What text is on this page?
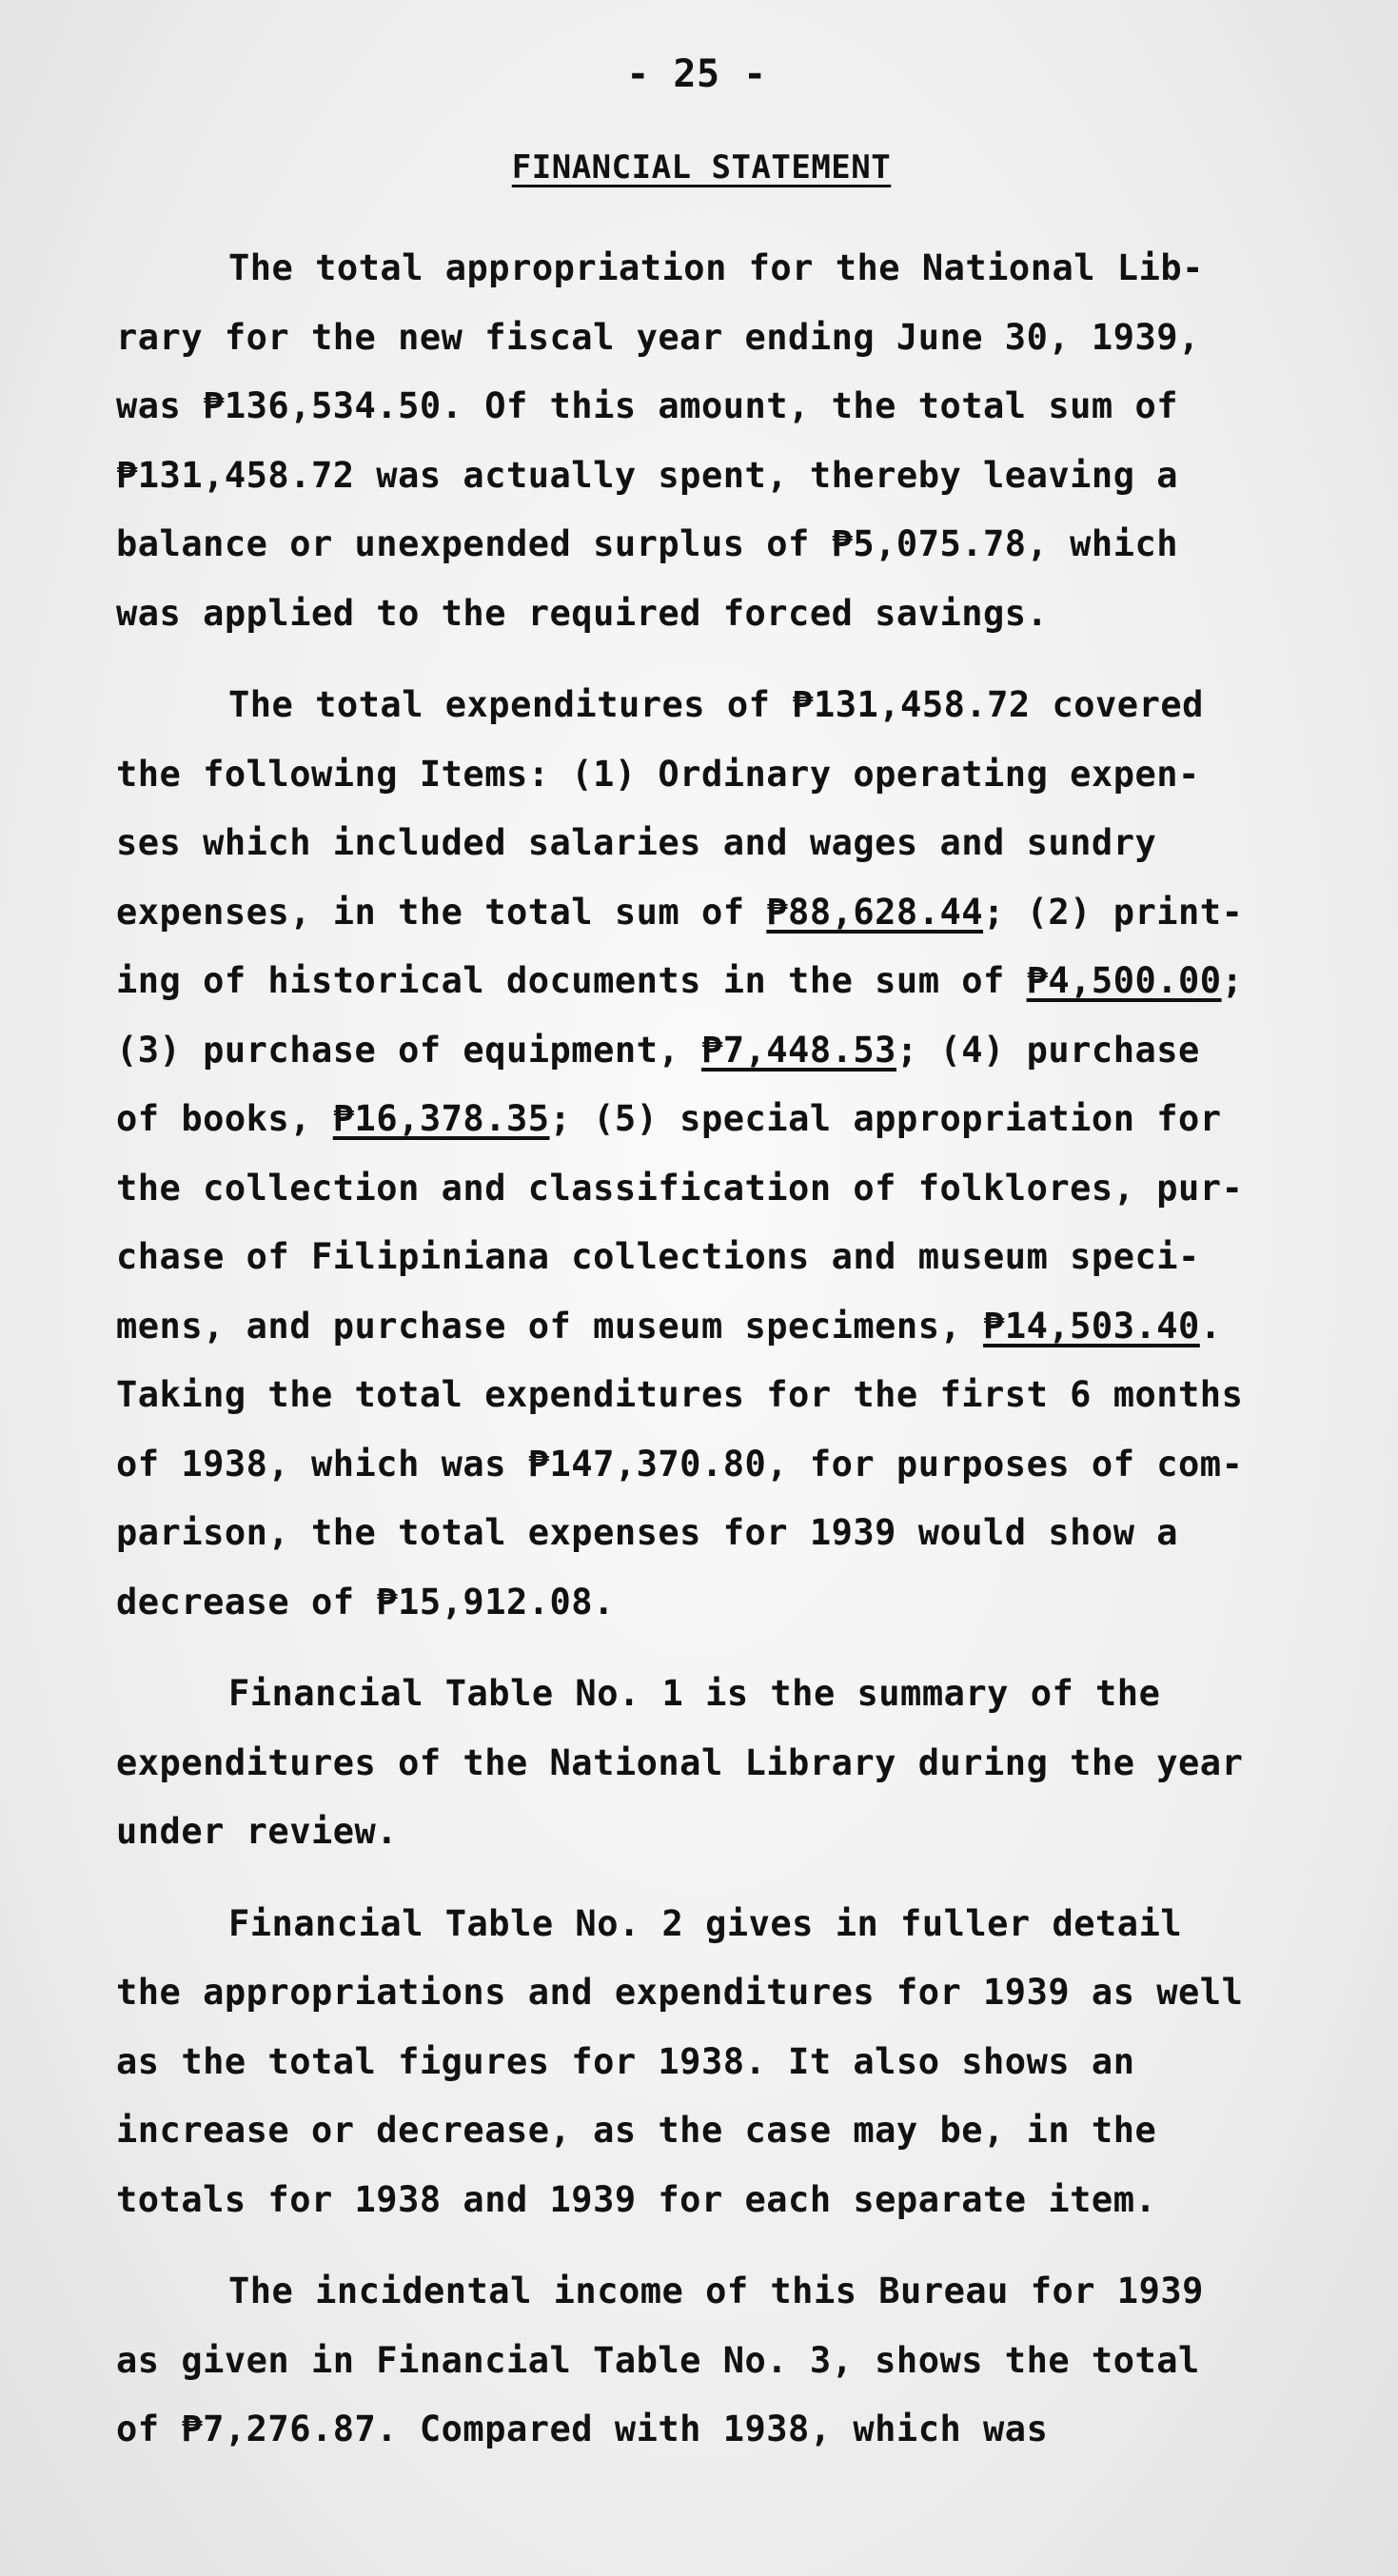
- 25 -
FINANCIAL STATEMENT
The total appropriation for the National Lib-
rary for the new fiscal year ending June 30, 1939,
was ₱136,534.50. Of this amount, the total sum of
₱131,458.72 was actually spent, thereby leaving a
balance or unexpended surplus of ₱5,075.78, which
was applied to the required forced savings.
The total expenditures of ₱131,458.72 covered
the following Items: (1) Ordinary operating expen-
ses which included salaries and wages and sundry
expenses, in the total sum of ₱88,628.44; (2) print-
ing of historical documents in the sum of ₱4,500.00;
(3) purchase of equipment, ₱7,448.53; (4) purchase
of books, ₱16,378.35; (5) special appropriation for
the collection and classification of folklores, pur-
chase of Filipiniana collections and museum speci-
mens, and purchase of museum specimens, ₱14,503.40.
Taking the total expenditures for the first 6 months
of 1938, which was ₱147,370.80, for purposes of com-
parison, the total expenses for 1939 would show a
decrease of ₱15,912.08.
Financial Table No. 1 is the summary of the
expenditures of the National Library during the year
under review.
Financial Table No. 2 gives in fuller detail
the appropriations and expenditures for 1939 as well
as the total figures for 1938. It also shows an
increase or decrease, as the case may be, in the
totals for 1938 and 1939 for each separate item.
The incidental income of this Bureau for 1939
as given in Financial Table No. 3, shows the total
of ₱7,276.87. Compared with 1938, which was
